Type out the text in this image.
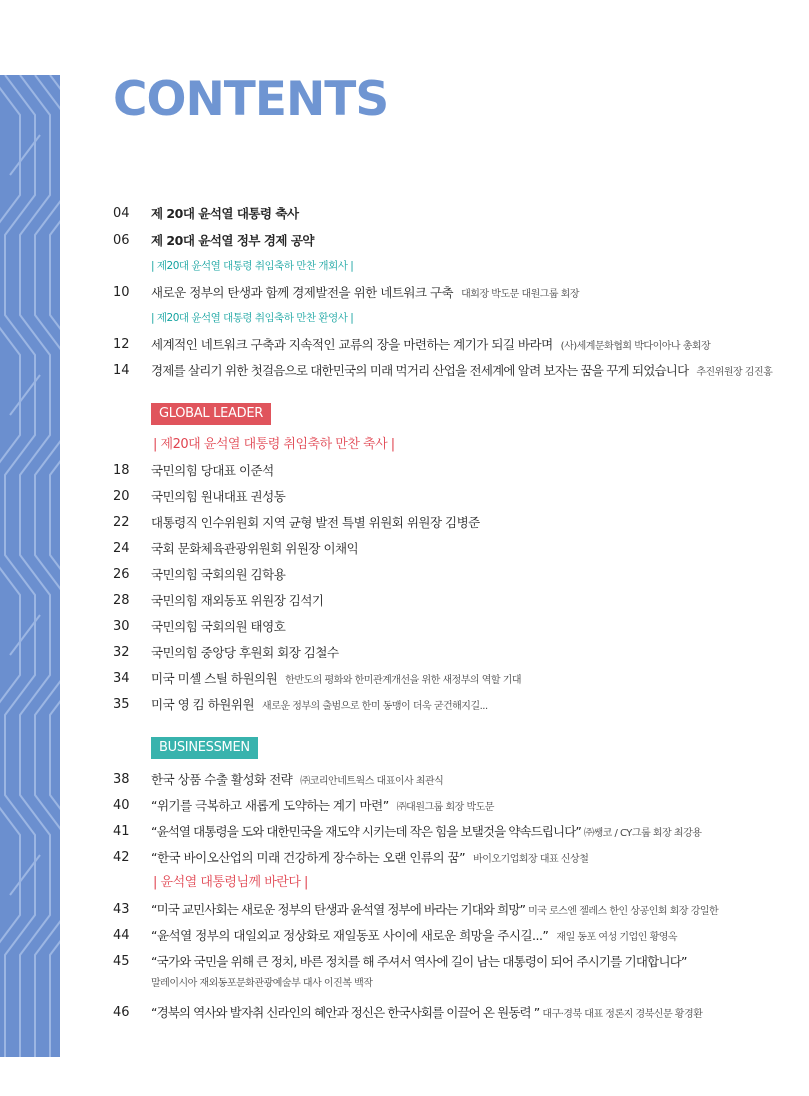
CONTENTS
04	제 20대 윤석열 대통령 축사
06	제 20대 윤석열 정부 경제 공약
| 제20대 윤석열 대통령 취임축하 만찬 개회사 |
10	새로운 정부의 탄생과 함께 경제발전을 위한 네트워크 구축 대회장 박도문 대원그룹 회장
| 제20대 윤석열 대통령 취임축하 만찬 환영사 |
12	세계적인 네트워크 구축과 지속적인 교류의 장을 마련하는 계기가 되길 바라며 (사)세계문화협회 박다이아나 총회장
14	경제를 살리기 위한 첫걸음으로 대한민국의 미래 먹거리 산업을 전세계에 알려 보자는 꿈을 꾸게 되었습니다 추진위원장 김진홍
GLOBAL LEADER
| 제20대 윤석열 대통령 취임축하 만찬 축사 |
18	국민의힘 당대표 이준석
20	국민의힘 원내대표 권성동
22	대통령직 인수위원회 지역 균형 발전 특별 위원회 위원장 김병준
24	국회 문화체육관광위원회 위원장 이채익
26	국민의힘 국회의원 김학용
28	국민의힘 재외동포 위원장 김석기
30	국민의힘 국회의원 태영호
32	국민의힘 중앙당 후원회 회장 김철수
34	미국 미셸 스틸 하원의원 한반도의 평화와 한미관계개선을 위한 새정부의 역할 기대
35	미국 영 킴 하원위원 새로운 정부의 출범으로 한미 동맹이 더욱 굳건해지길...
BUSINESSMEN
38	한국 상품 수출 활성화 전략 ㈜코리안네트웍스 대표이사 최관식
40	“위기를 극복하고 새롭게 도약하는 계기 마련” ㈜대원그룹 회장 박도문
41	“윤석열 대통령을 도와 대한민국을 재도약 시키는데 작은 힘을 보탤것을 약속드립니다” ㈜쌩코 / CY그룹 회장 최강용
42	“한국 바이오산업의 미래 건강하게 장수하는 오랜 인류의 꿈” 바이오기업회장 대표 신상철
| 윤석열 대통령님께 바란다 |
43	“미국 교민사회는 새로운 정부의 탄생과 윤석열 정부에 바라는 기대와 희망” 미국 로스엔 젤레스 한인 상공인회 회장 강일한
44	“윤석열 정부의 대일외교 정상화로 재일동포 사이에 새로운 희망을 주시길...” 재일 동포 여성 기업인 황영옥
45	“국가와 국민을 위해 큰 정치, 바른 정치를 해 주셔서 역사에 길이 남는 대통령이 되어 주시기를 기대합니다”
말레이시아 재외동포문화관광예술부 대사 이진복 백작
46	“경북의 역사와 발자취 신라인의 혜안과 정신은 한국사회를 이끌어 온 원동력 ” 대구·경북 대표 정론지 경북신문 황경환
